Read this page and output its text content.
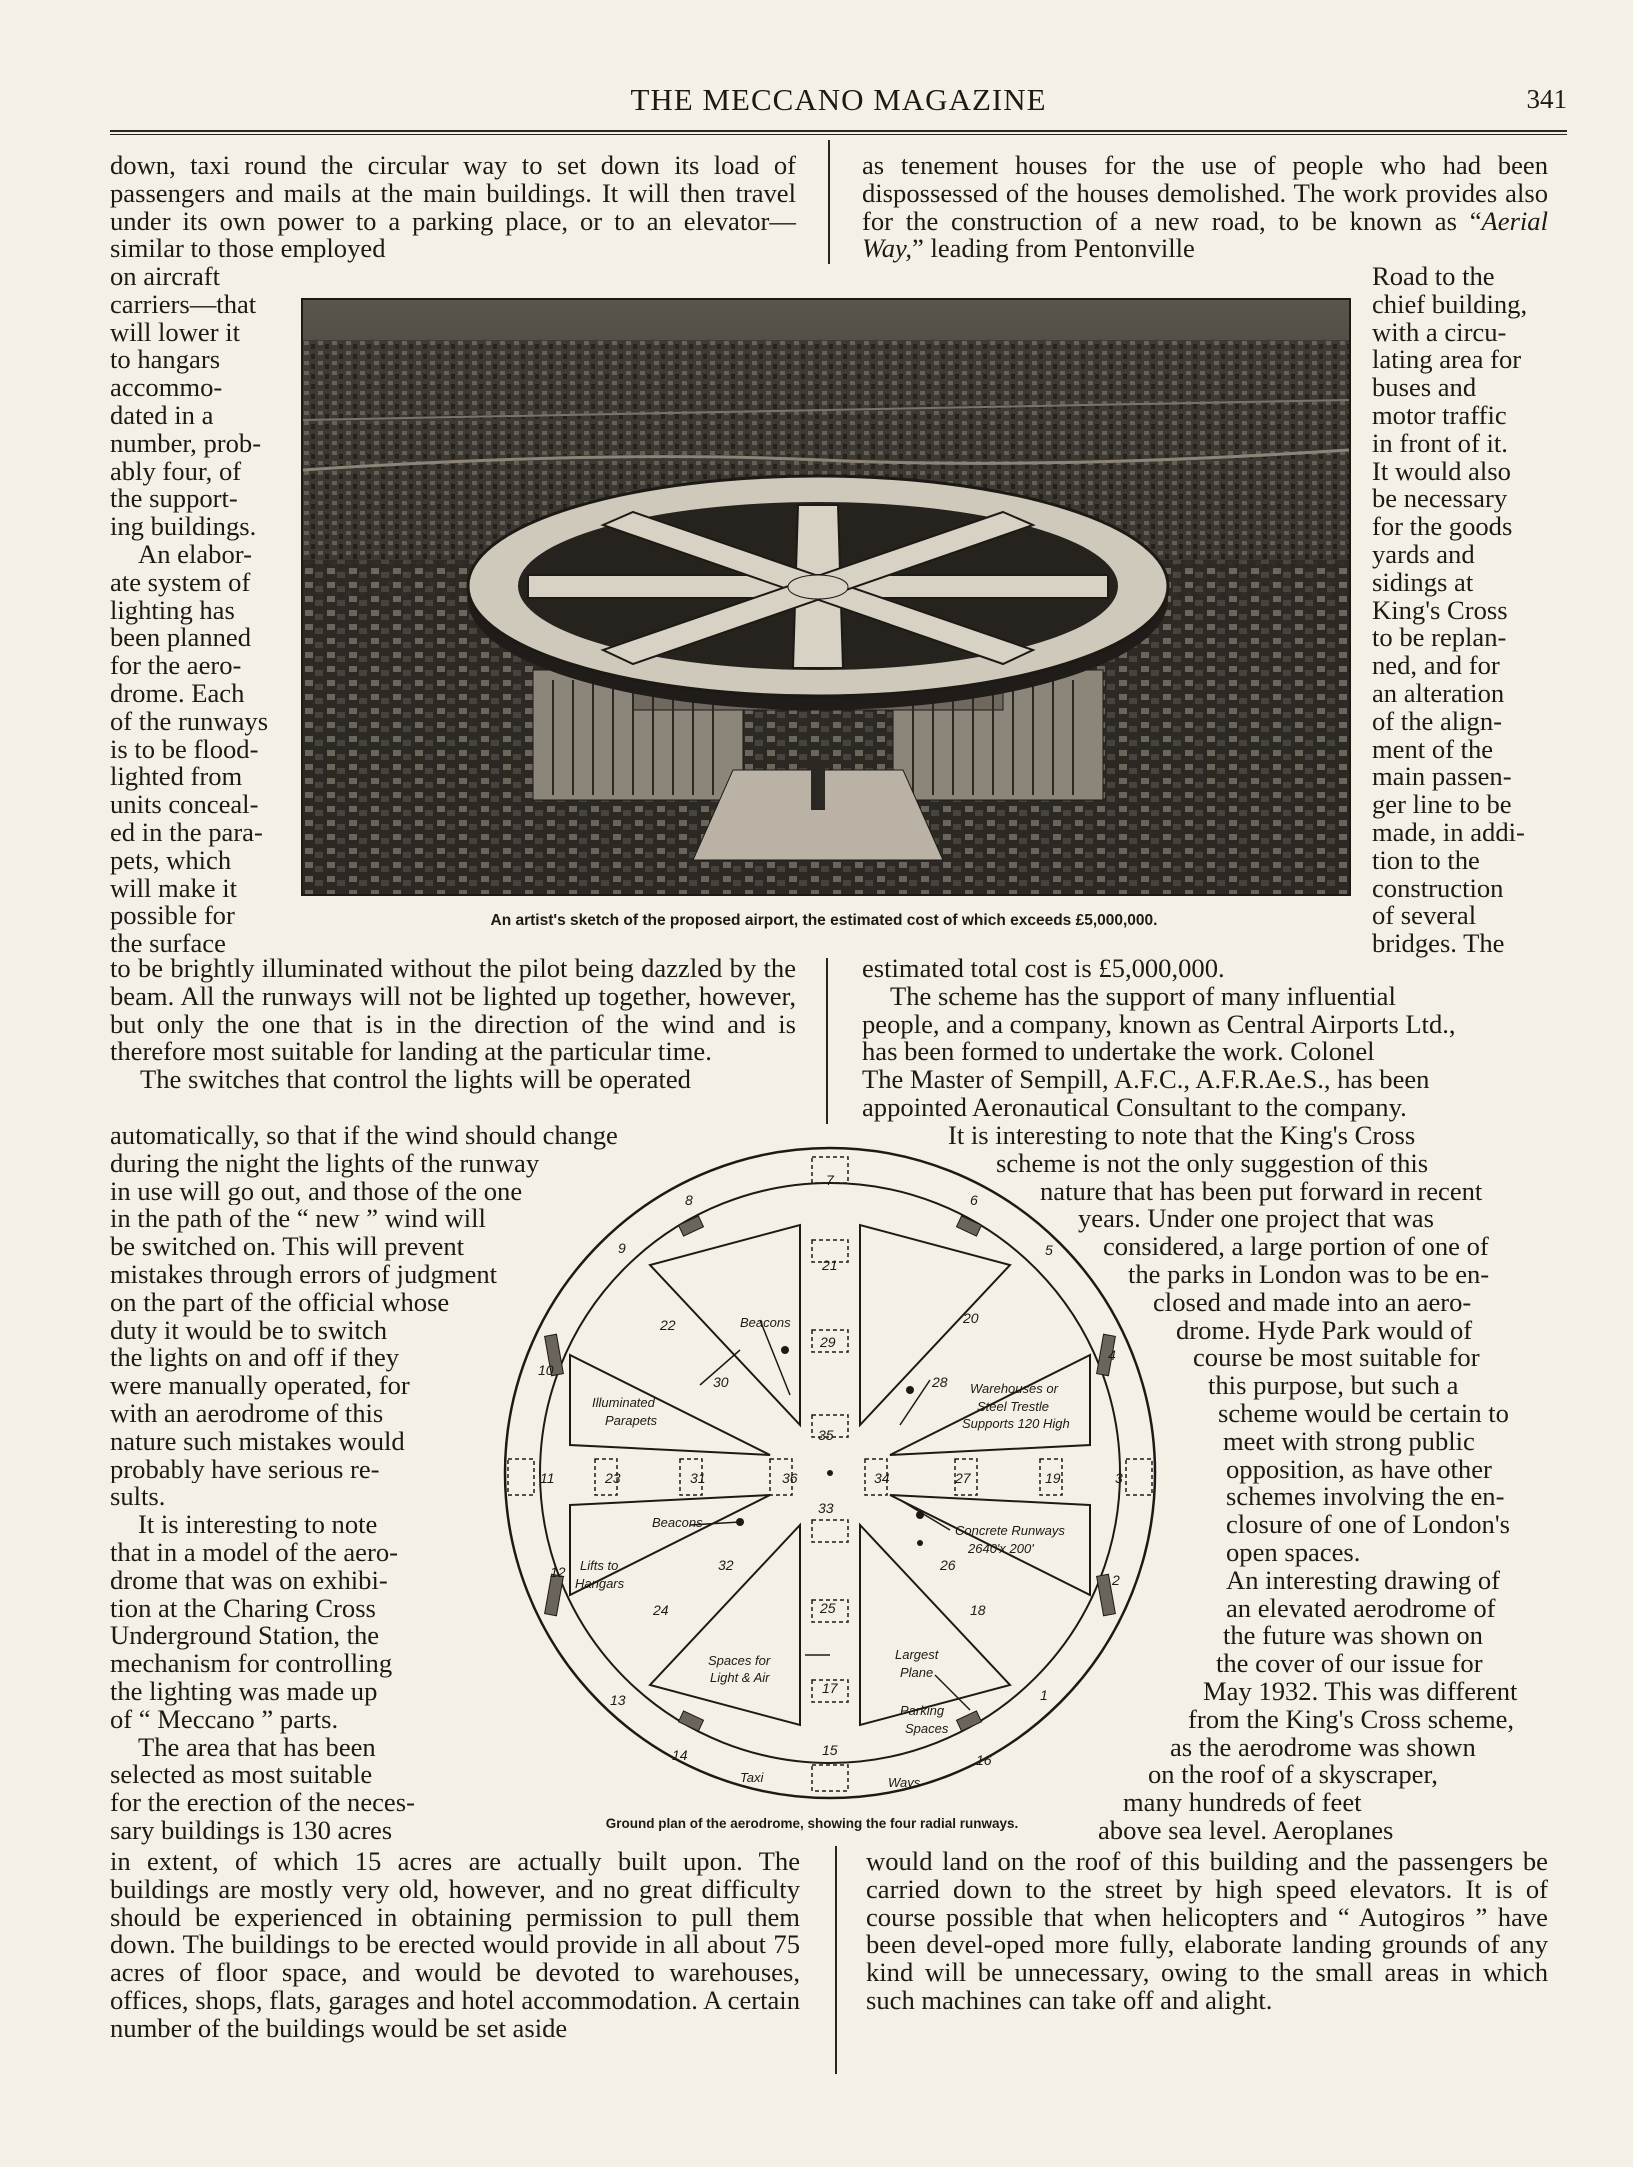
THE MECCANO MAGAZINE	341
down, taxi round the circular way to set down its load of passengers and mails at the main buildings. It will then travel under its own power to a parking place, or to an elevator—similar to those employed
as tenement houses for the use of people who had been dispossessed of the houses demolished. The work provides also for the construction of a new road, to be known as “Aerial Way,” leading from Pentonville
on aircraft
carriers—that
will lower it
to hangars
accommo-
dated in a
number, prob-
ably four, of
the support-
ing buildings.
An elabor-
ate system of
lighting has
been planned
for the aero-
drome. Each
of the runways
is to be flood-
lighted from
units conceal-
ed in the para-
pets, which
will make it
possible for
the surface
Road to the
chief building,
with a circu-
lating area for
buses and
motor traffic
in front of it.
It would also
be necessary
for the goods
yards and
sidings at
King's Cross
to be replan-
ned, and for
an alteration
of the align-
ment of the
main passen-
ger line to be
made, in addi-
tion to the
construction
of several
bridges. The
An artist's sketch of the proposed airport, the estimated cost of which exceeds £5,000,000.

to be brightly illuminated without the pilot being dazzled by the beam. All the runways will not be lighted up together, however, but only the one that is in the direction of the wind and is therefore most suitable for landing at the particular time.

The switches that control the lights will be operated

automatically, so that if the wind should change
during the night the lights of the runway
in use will go out, and those of the one
in the path of the “ new ” wind will
be switched on. This will prevent
mistakes through errors of judgment
on the part of the official whose
duty it would be to switch
the lights on and off if they
were manually operated, for
with an aerodrome of this
nature such mistakes would
probably have serious re-
sults.
It is interesting to note
that in a model of the aero-
drome that was on exhibi-
tion at the Charing Cross
Underground Station, the
mechanism for controlling
the lighting was made up
of “ Meccano ” parts.
The area that has been
selected as most suitable
for the erection of the neces-
sary buildings is 130 acres
estimated total cost is £5,000,000.
The scheme has the support of many influential
people, and a company, known as Central Airports Ltd.,
has been formed to undertake the work. Colonel
The Master of Sempill, A.F.C., A.F.R.Ae.S., has been
appointed Aeronautical Consultant to the company.
It is interesting to note that the King's Cross
scheme is not the only suggestion of this
nature that has been put forward in recent
years. Under one project that was
considered, a large portion of one of
the parks in London was to be en-
closed and made into an aero-
drome. Hyde Park would of
course be most suitable for
this purpose, but such a
scheme would be certain to
meet with strong public
opposition, as have other
schemes involving the en-
closure of one of London's
open spaces.
An interesting drawing of
an elevated aerodrome of
the future was shown on
the cover of our issue for
May 1932. This was different
from the King's Cross scheme,
as the aerodrome was shown
on the roof of a skyscraper,
many hundreds of feet
above sea level. Aeroplanes
Beacons
Illuminated
Parapets
Warehouses or
Steel Trestle
Supports 120 High
Beacons
Concrete Runways
2640'x 200'
Lifts to
Hangars
Spaces for
Light & Air
Largest
Plane
Parking
Spaces
Taxi	Ways
1
2
3
4
5
6
7
8
9
10
11
12
13
14	15
16
17
18
19
20
21
22
23
24	25
26
27
28
29
30
31
32
33
34
35
36
Ground plan of the aerodrome, showing the four radial runways.
in extent, of which 15 acres are actually built upon. The buildings are mostly very old, however, and no great difficulty should be experienced in obtaining permission to pull them down. The buildings to be erected would provide in all about 75 acres of floor space, and would be devoted to warehouses, offices, shops, flats, garages and hotel accommodation. A certain number of the buildings would be set aside
would land on the roof of this building and the passengers be carried down to the street by high speed elevators. It is of course possible that when helicopters and “ Autogiros ” have been devel-oped more fully, elaborate landing grounds of any kind will be unnecessary, owing to the small areas in which such machines can take off and alight.
